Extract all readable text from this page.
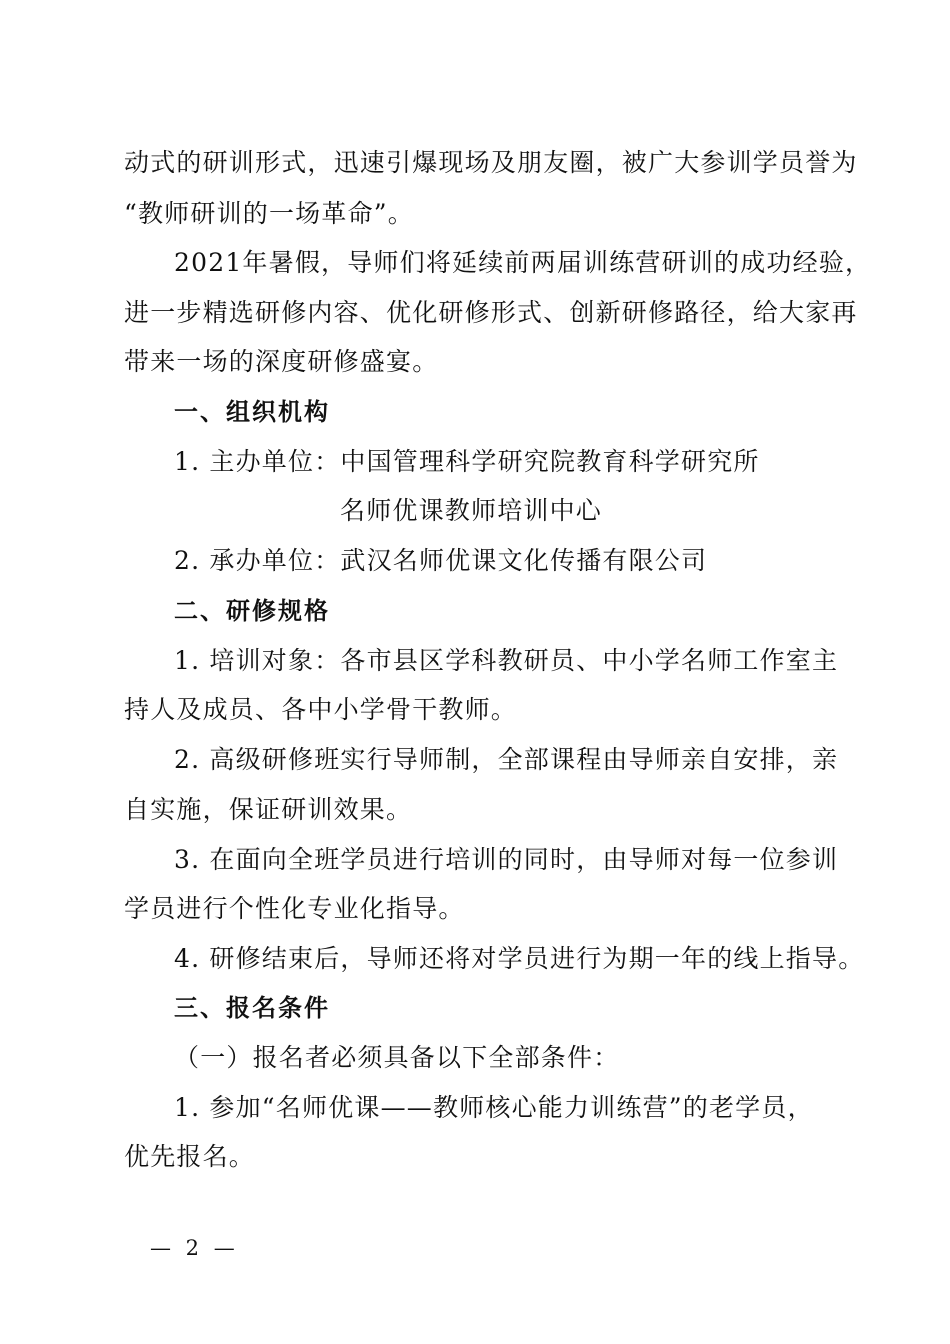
动式的研训形式，迅速引爆现场及朋友圈，被广大参训学员誉为
“教师研训的一场革命”。
2021年暑假，导师们将延续前两届训练营研训的成功经验，
进一步精选研修内容、优化研修形式、创新研修路径，给大家再
带来一场的深度研修盛宴。
一、组织机构
1. 主办单位：中国管理科学研究院教育科学研究所
名师优课教师培训中心
2. 承办单位：武汉名师优课文化传播有限公司
二、研修规格
1. 培训对象：各市县区学科教研员、中小学名师工作室主
持人及成员、各中小学骨干教师。
2. 高级研修班实行导师制，全部课程由导师亲自安排，亲
自实施，保证研训效果。
3. 在面向全班学员进行培训的同时，由导师对每一位参训
学员进行个性化专业化指导。
4. 研修结束后，导师还将对学员进行为期一年的线上指导。
三、报名条件
（一）报名者必须具备以下全部条件：
1. 参加“名师优课——教师核心能力训练营”的老学员，
优先报名。
— 2 —
